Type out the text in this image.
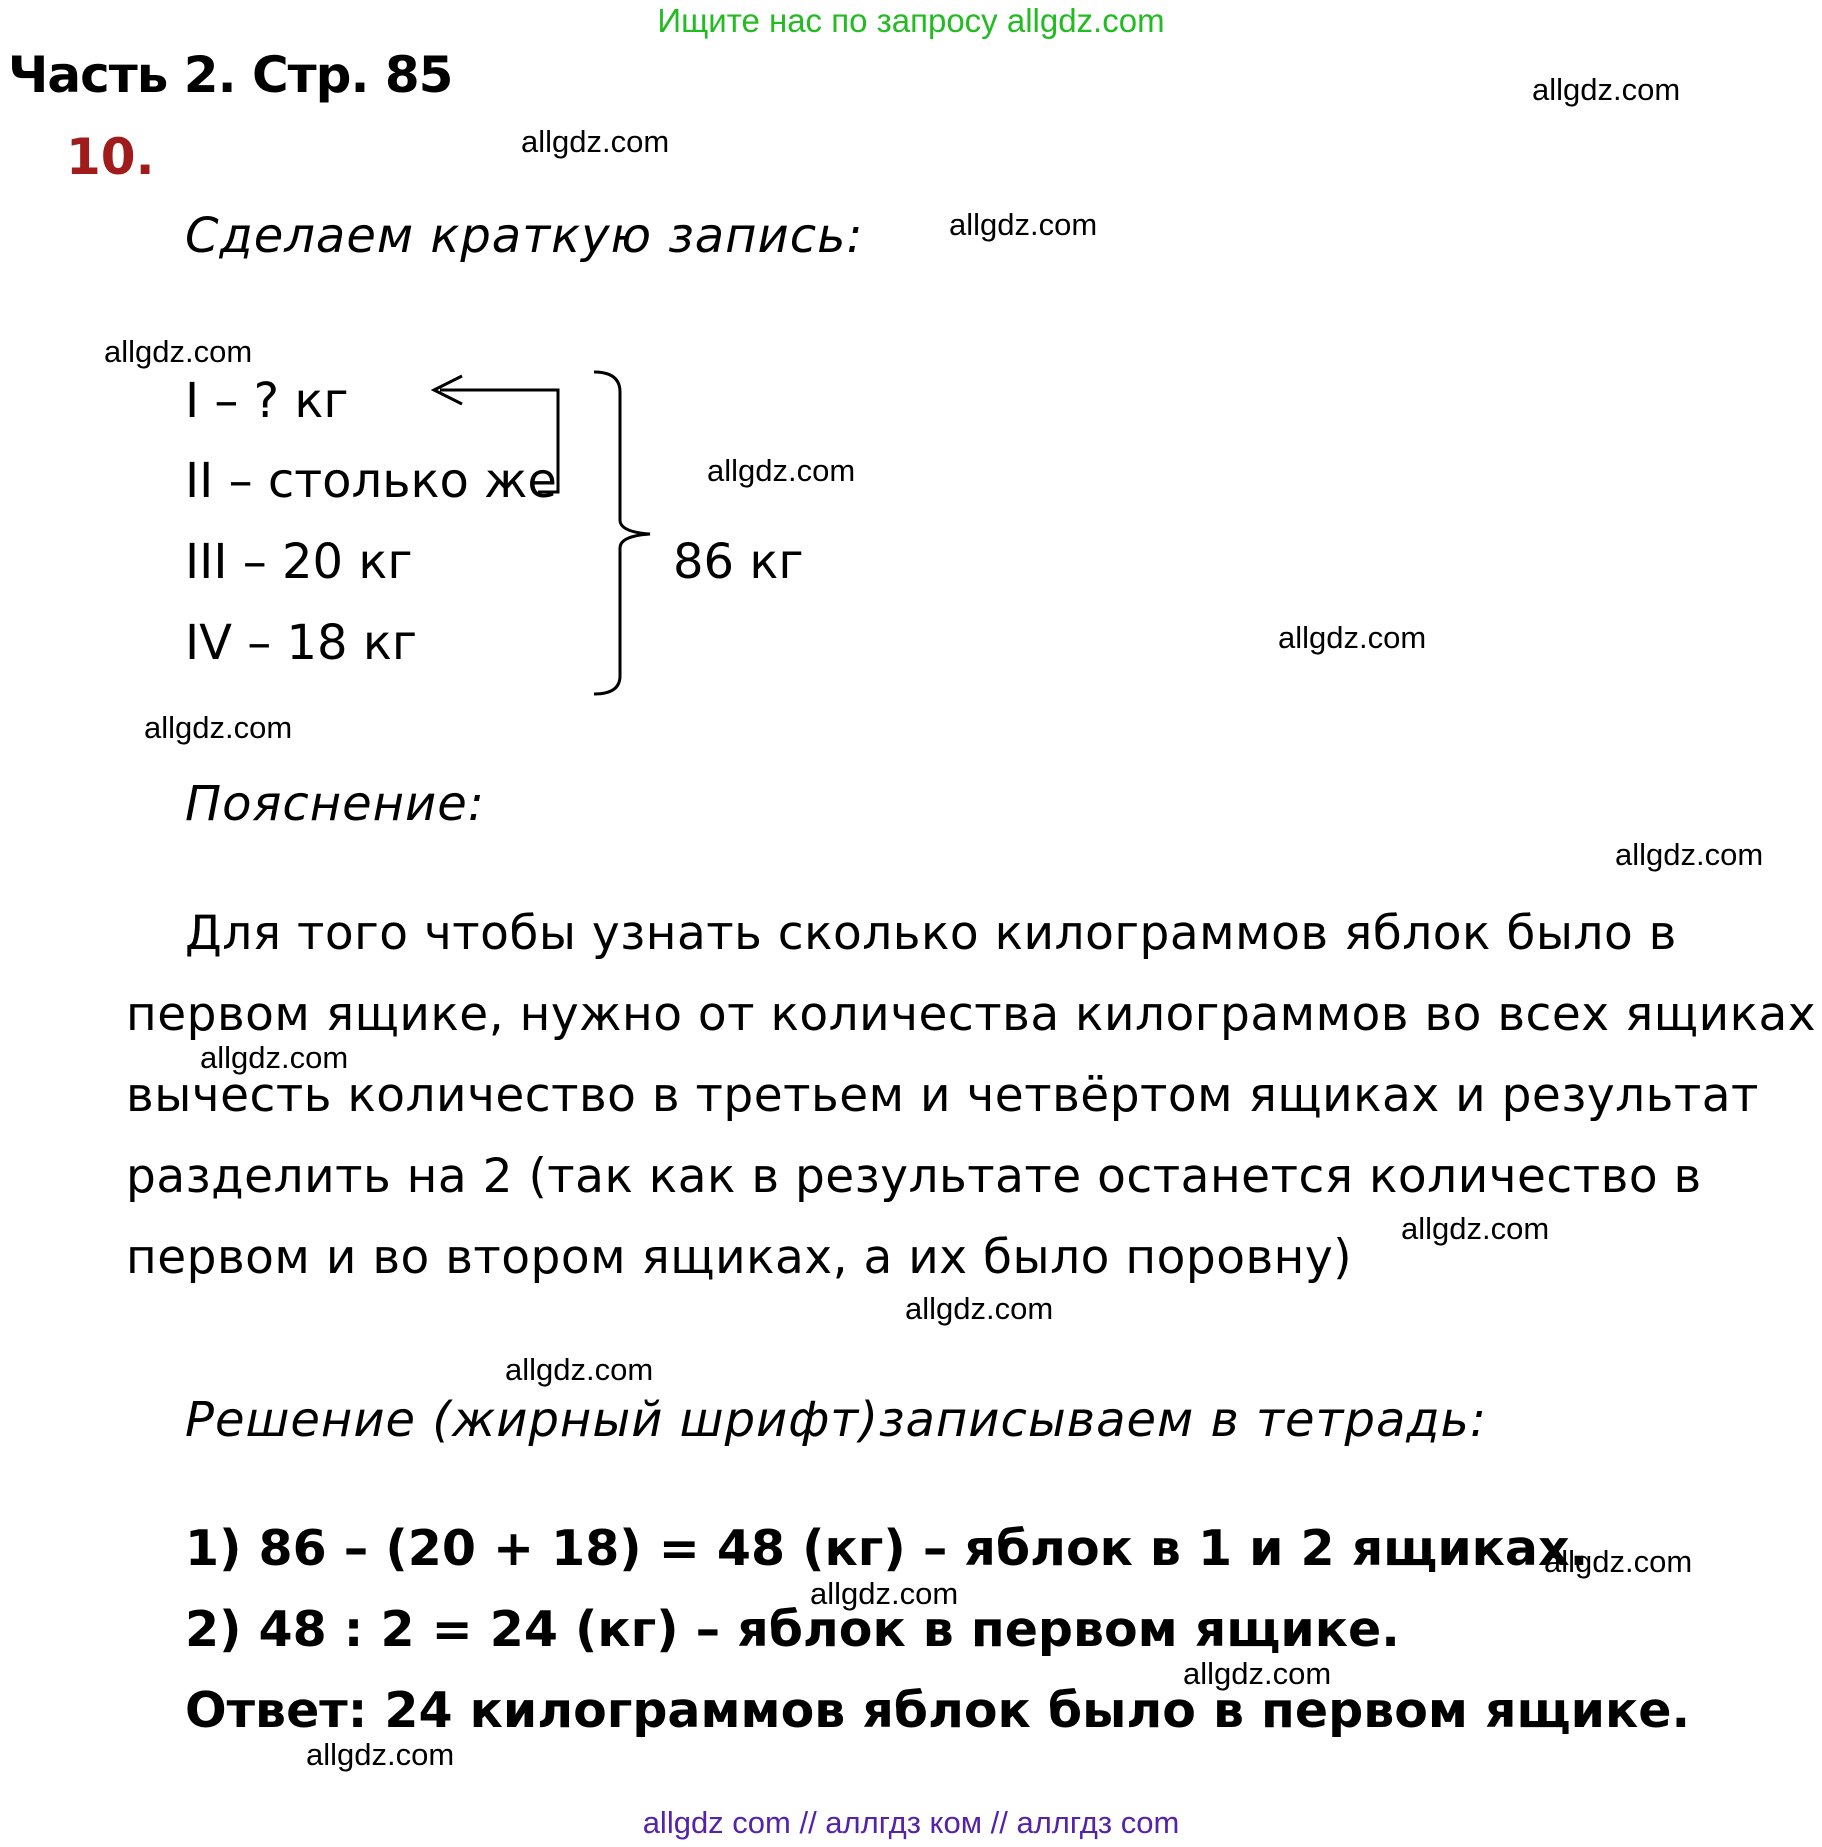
Ищите нас по запросу allgdz.com
Часть 2. Стр. 85
10.
Сделаем краткую запись:
I – ? кг
II – столько же
III – 20 кг
IV – 18 кг
86 кг
Пояснение:
Для того чтобы узнать сколько килограммов яблок было в
первом ящике, нужно от количества килограммов во всех ящиках
вычесть количество в третьем и четвёртом ящиках и результат
разделить на 2 (так как в результате останется количество в
первом и во втором ящиках, а их было поровну)
Решение (жирный шрифт)записываем в тетрадь:
1) 86 – (20 + 18) = 48 (кг) – яблок в 1 и 2 ящиках.
2) 48 : 2 = 24 (кг) – яблок в первом ящике.
Ответ: 24 килограммов яблок было в первом ящике.
allgdz.com
allgdz.com
allgdz.com
allgdz.com
allgdz.com
allgdz.com
allgdz.com
allgdz.com
allgdz.com
allgdz.com
allgdz.com
allgdz.com
allgdz.com
allgdz.com
allgdz.com
allgdz.com
allgdz com // аллгдз ком // аллгдз com
